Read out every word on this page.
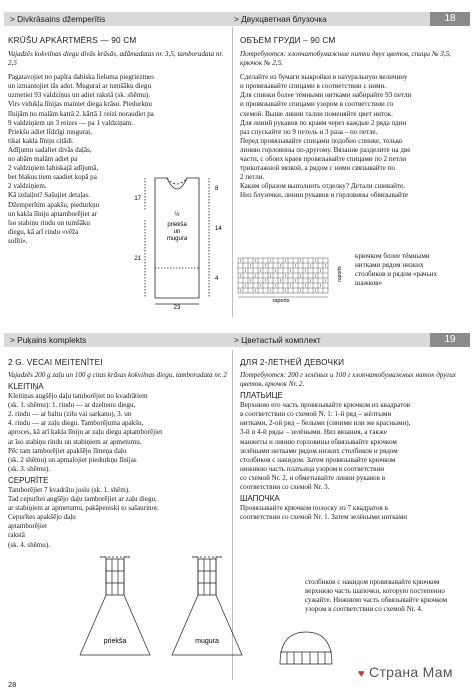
> Divkrāsains džemperītis	> Двухцветная блузочка	18

KRŪŠU APKĀRTMĒRS — 90 CM

Vajadzēs kokvilnas diegu divās krāsās, adāmadatas nr. 3,5, tamboradata nr. 2,5

Pagatavojiet no papīra dabiska lieluma piegrieztnes

un izmantojiet tās adot. Mugurai ar tumšāku diegu

uzmetiet 93 valdziņus un adiet rakstā (sk. shēmu).

Virs vidukļa līnijas mainiet diega krāsu. Piedurkņu

līnijām no malām katrā 2. kārtā 1 reizi noraudiet pa

9 valdziņiem un 3 reizes — pa 1 valdziņam.

Priekšu adiet līdzīgi mugurai,

tikai kakla līniju citādi.

Adījumu sadaliet divās daļās,

no abām malām adiet pa

2 valdziņiem labiskajā adījumā,

bet blakus tiem saadiet kopā pa

2 valdziņiem.

Kā izdaiļot? Sašujiet detaļas.

Džemperītim apakšu, piedurkņu

un kakla līniju aptamborējiet ar

īso stabiņu rindu un tumšāku

diegu, kā arī rindu «vēža

solīti».

priekša
un
mugura
½
23
17
21
8
14
4

ОБЪЕМ ГРУДИ – 90 СМ

Потребуются: хлопчатобумажные нитки двух цветов, спицы № 3,5, крючок № 2,5.

Сделайте из бумаги выкройки в натуральную величину

и провязывайте спицами в соответствии с ними.

Для спинки более тёмными нитками набирайте 93 петли

и провязывайте спицами узором в соответствии со

схемой. Выше линии талии поменяйте цвет ниток.

Для линий рукавов по краям через каждые 2 ряда один

раз спускайте по 9 петель и 3 раза – по петле.

Перед провязывайте спицами подобно спинке, только

линию горловины по-другому. Вязание разделите на две

части, с обоих краев провязывайте спицами по 2 петли

трикотажной вязкой, а рядом с ними связывайте по

2 петли.

Каким образом выполнить отделку? Детали сшивайте.

Низ блузочки, линии рукавов и горловины обвязывайте

крючком более тёмными

нитками рядом низких

столбиков и рядом «рачьих

шажков»

raports
raports
> Puķains komplekts	> Цветастый комплект	19

2 G. VECAI MEITENĪTEI

Vajadzēs 200 g zaļu un 100 g citas krāsas kokvilnas diegu, tamboradata nr. 2

KLEITIŅA

Kleitiņas augšējo daļu tamborējiet no kvadrātiem

(sk. 1. shēmu): 1. rindu — ar dzeltenu diegu,

2. rindu — ar baltu (zilu vai sarkanu), 3. un

4. rindu — ar zaļu diegu. Tamborējuma apakšu,

aproces, kā arī kakla līniju ar zaļu diegu aptamborējiet

ar īso stabiņu rindu un stabiņiem ar apmetumu.

Pēc tam tamborējiet apakšējo līmeņa daļu

(sk. 2 shēmu) un apmalojiet piedurkņu līnijas

(sk. 3. shēmu).

CEPURĪTE

Tamborējiet 7 kvadrātu joslu (sk. 1. shēm).

Tad cepurītei augšējo daļu tamborējiet ar zaļu diegu,

ar stabiņiem ar apmetumu, pakāpeniski to sašaurinot.

Cepurītes apakšējo daļu

aptamborējiet

rakstā

(sk. 4. shēmu).

priekša	mugura

ДЛЯ 2-ЛЕТНЕЙ ДЕВОЧКИ

Потребуются: 200 г зелёных и 100 г хлопчатобумажных ниток других цветов, крючок Nr. 2.

ПЛАТЬИЦЕ

Верхнюю его часть провязывайте крючком из квадратов

в соответствии со схемой N. 1: 1-й ряд – жёлтыми

нитками, 2-ой ряд – белыми (синими или же красными),

3-й и 4-й ряды – зелёными. Низ вязания, а также

манжеты и линию горловины обвязывайте крючком

зелёными нитками рядом низких столбиков и рядом

столбиков с накидом. Затем провязывайте крючком

нижнюю часть платьица узором в соответствии

со схемой Nr. 2, и обметывайте линии рукавов в

соответствии со схемой Nr. 3.

ШАПОЧКА

Провязывайте крючком полоску из 7 квадратов в

соответствии со схемой Nr. 1. Затем зелёными нитками

столбиков с накидом провязывайте крючком

верхнюю часть шапочки, которую постепенно

сужайте. Нижнюю часть обвязывайте крючком

узором в соответствии со схемой Nr. 4.

28
♥ Страна Мам
